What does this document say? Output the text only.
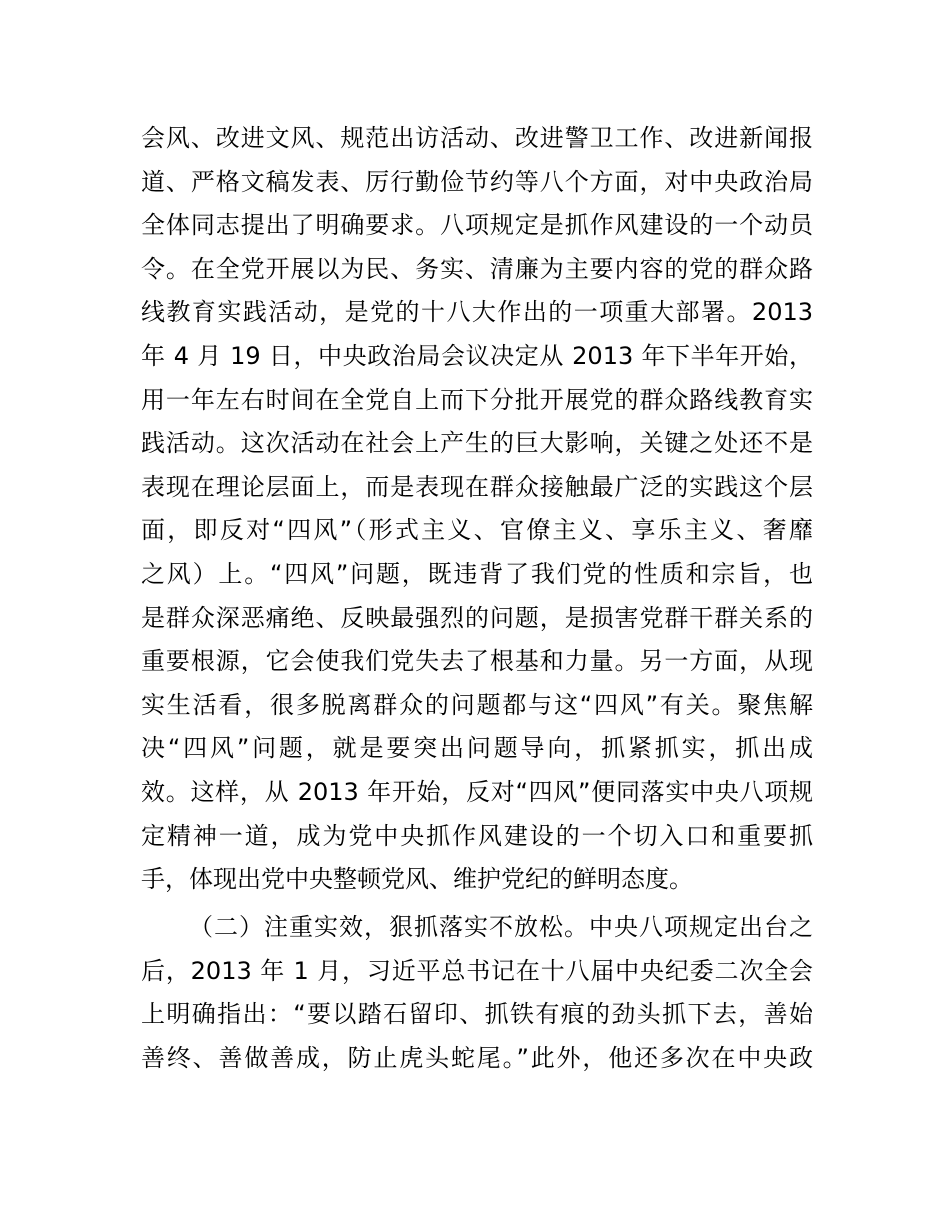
会风、改进文风、规范出访活动、改进警卫工作、改进新闻报
道、严格文稿发表、厉行勤俭节约等八个方面，对中央政治局
全体同志提出了明确要求。八项规定是抓作风建设的一个动员
令。在全党开展以为民、务实、清廉为主要内容的党的群众路
线教育实践活动，是党的十八大作出的一项重大部署。2013
年 4 月 19 日，中央政治局会议决定从 2013 年下半年开始，
用一年左右时间在全党自上而下分批开展党的群众路线教育实
践活动。这次活动在社会上产生的巨大影响，关键之处还不是
表现在理论层面上，而是表现在群众接触最广泛的实践这个层
面，即反对“四风”（形式主义、官僚主义、享乐主义、奢靡
之风）上。“四风”问题，既违背了我们党的性质和宗旨，也
是群众深恶痛绝、反映最强烈的问题，是损害党群干群关系的
重要根源，它会使我们党失去了根基和力量。另一方面，从现
实生活看，很多脱离群众的问题都与这“四风”有关。聚焦解
决“四风”问题，就是要突出问题导向，抓紧抓实，抓出成
效。这样，从 2013 年开始，反对“四风”便同落实中央八项规
定精神一道，成为党中央抓作风建设的一个切入口和重要抓
手，体现出党中央整顿党风、维护党纪的鲜明态度。
（二）注重实效，狠抓落实不放松。中央八项规定出台之
后，2013 年 1 月，习近平总书记在十八届中央纪委二次全会
上明确指出：“要以踏石留印、抓铁有痕的劲头抓下去，善始
善终、善做善成，防止虎头蛇尾。”此外，他还多次在中央政
